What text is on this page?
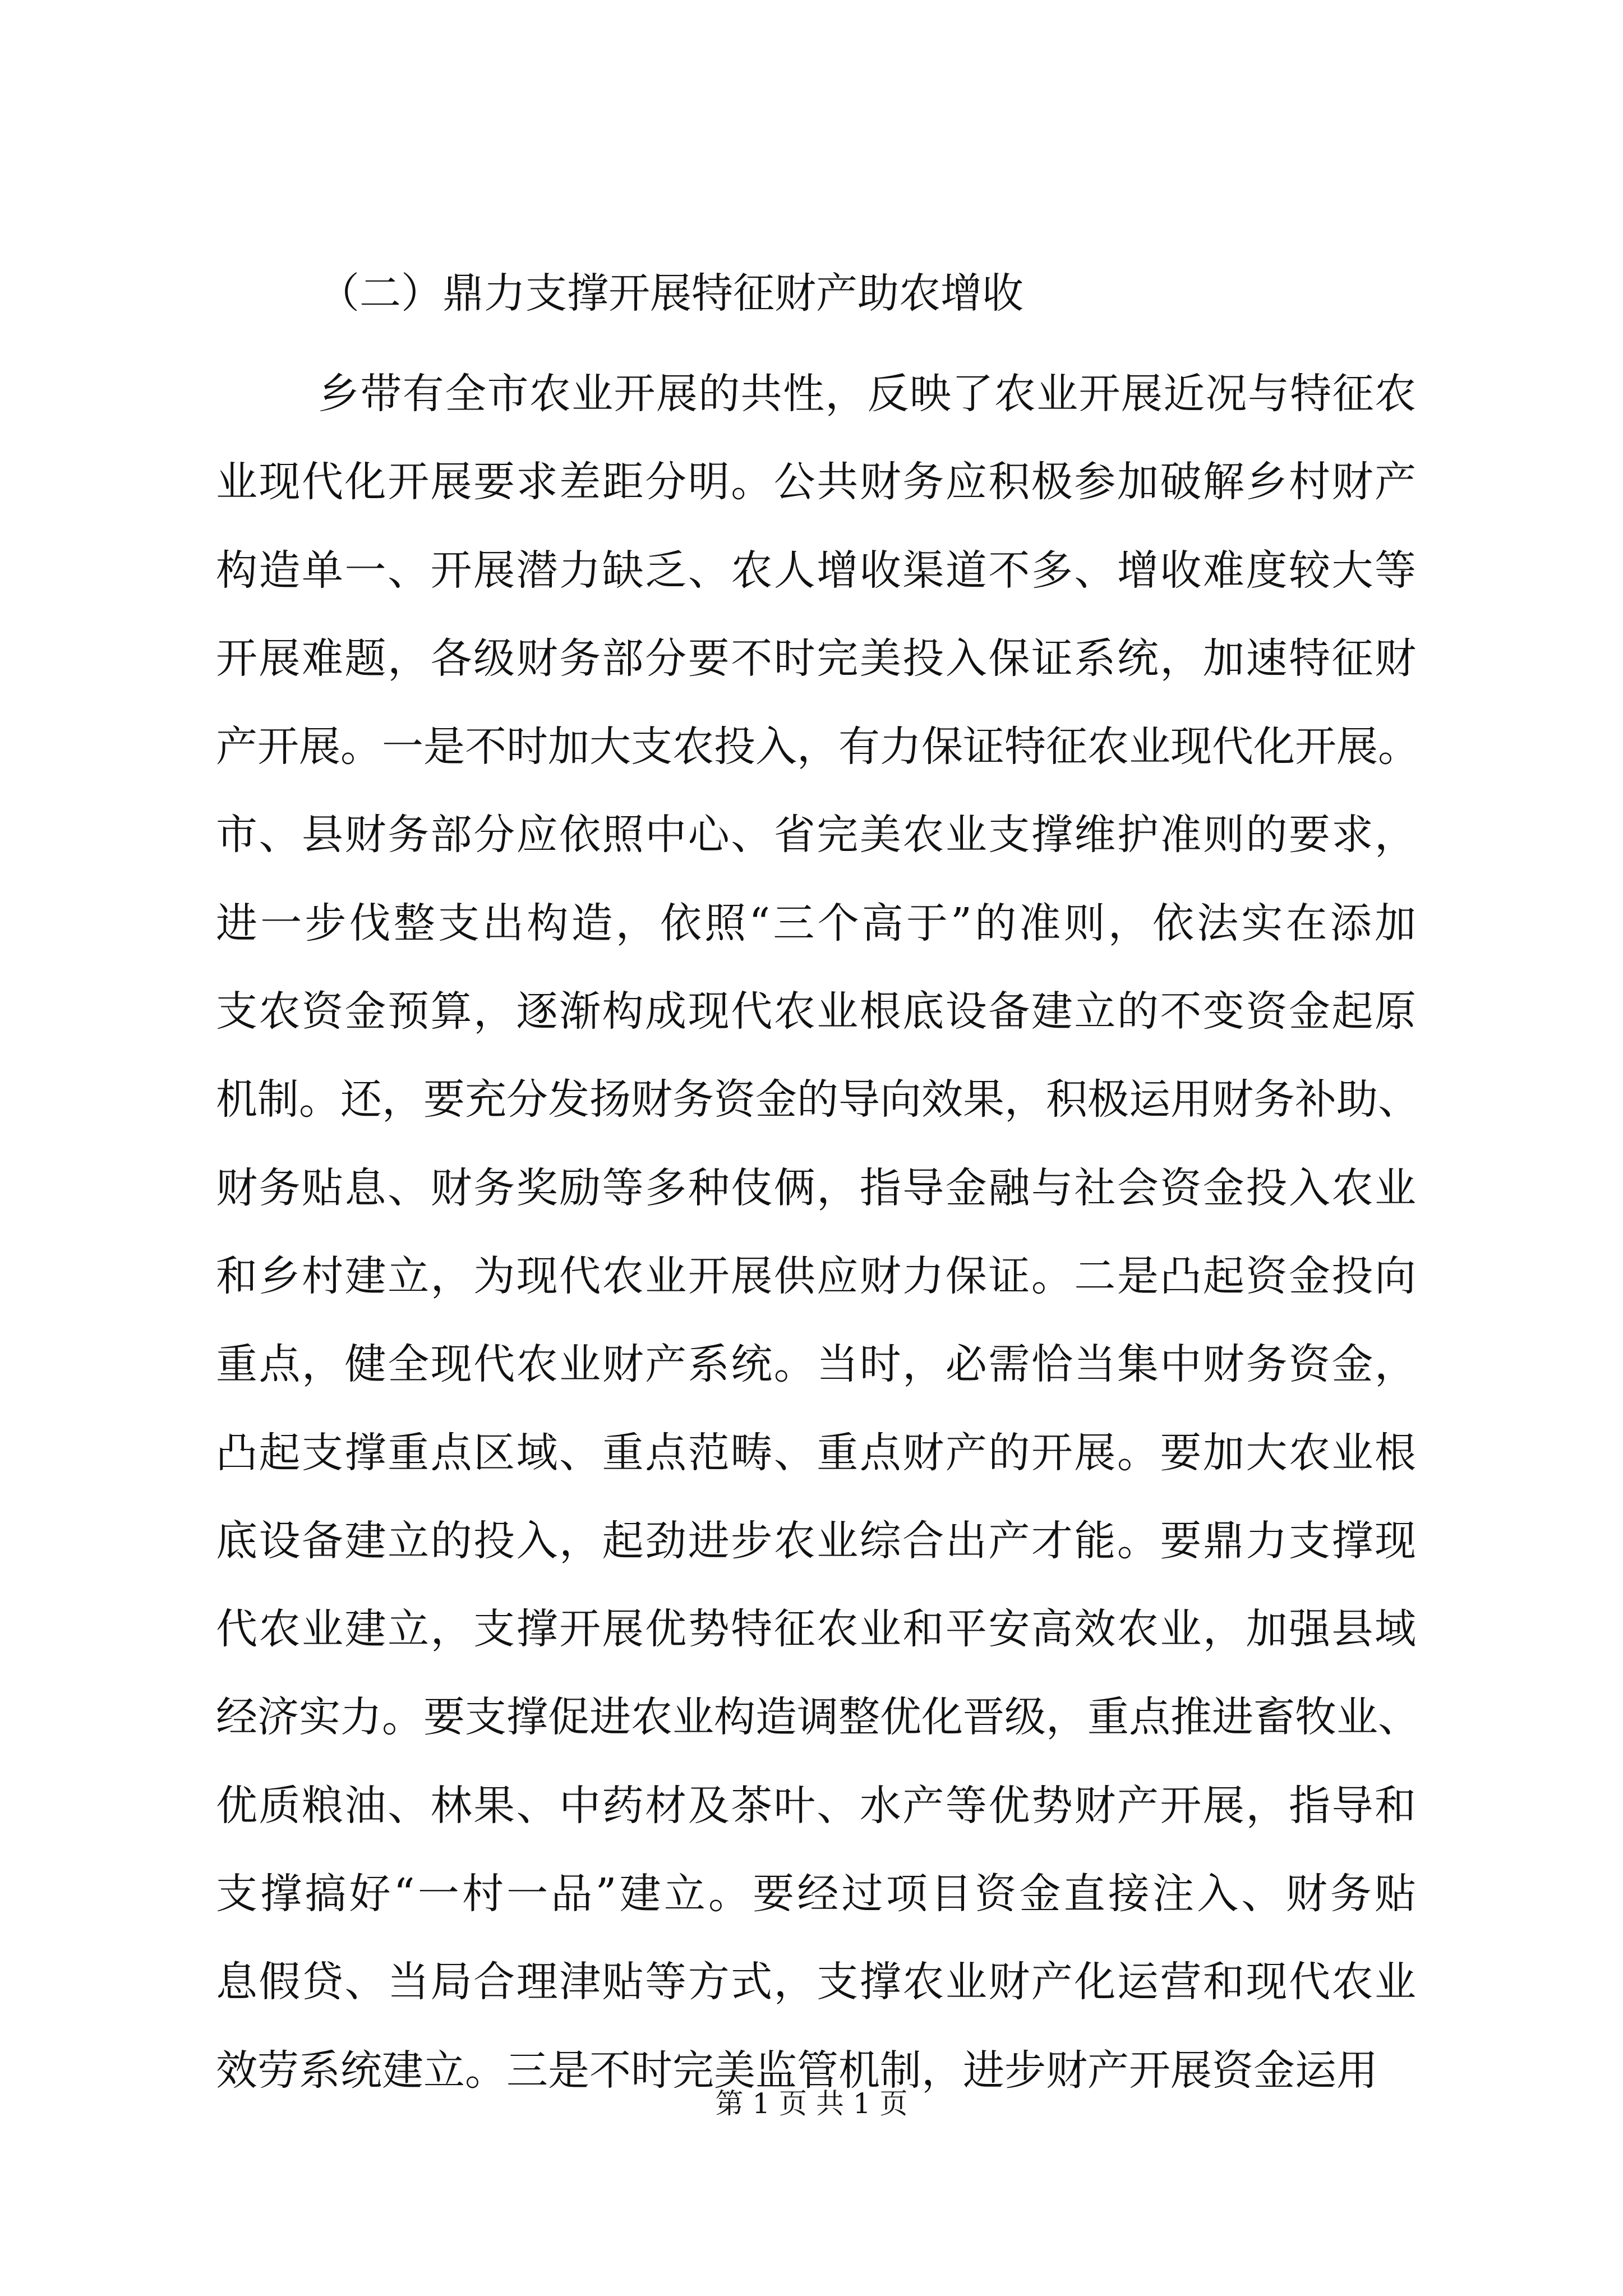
（二）鼎力支撑开展特征财产助农增收
乡带有全市农业开展的共性，反映了农业开展近况与特征农
业现代化开展要求差距分明。公共财务应积极参加破解乡村财产
构造单一、开展潜力缺乏、农人增收渠道不多、增收难度较大等
开展难题，各级财务部分要不时完美投入保证系统，加速特征财
产开展。一是不时加大支农投入，有力保证特征农业现代化开展。
市、县财务部分应依照中心、省完美农业支撑维护准则的要求，
进一步伐整支出构造，依照“三个高于”的准则，依法实在添加
支农资金预算，逐渐构成现代农业根底设备建立的不变资金起原
机制。还，要充分发扬财务资金的导向效果，积极运用财务补助、
财务贴息、财务奖励等多种伎俩，指导金融与社会资金投入农业
和乡村建立，为现代农业开展供应财力保证。二是凸起资金投向
重点，健全现代农业财产系统。当时，必需恰当集中财务资金，
凸起支撑重点区域、重点范畴、重点财产的开展。要加大农业根
底设备建立的投入，起劲进步农业综合出产才能。要鼎力支撑现
代农业建立，支撑开展优势特征农业和平安高效农业，加强县域
经济实力。要支撑促进农业构造调整优化晋级，重点推进畜牧业、
优质粮油、林果、中药材及茶叶、水产等优势财产开展，指导和
支撑搞好“一村一品”建立。要经过项目资金直接注入、财务贴
息假贷、当局合理津贴等方式，支撑农业财产化运营和现代农业
效劳系统建立。三是不时完美监管机制，进步财产开展资金运用
第 1 页 共 1 页
